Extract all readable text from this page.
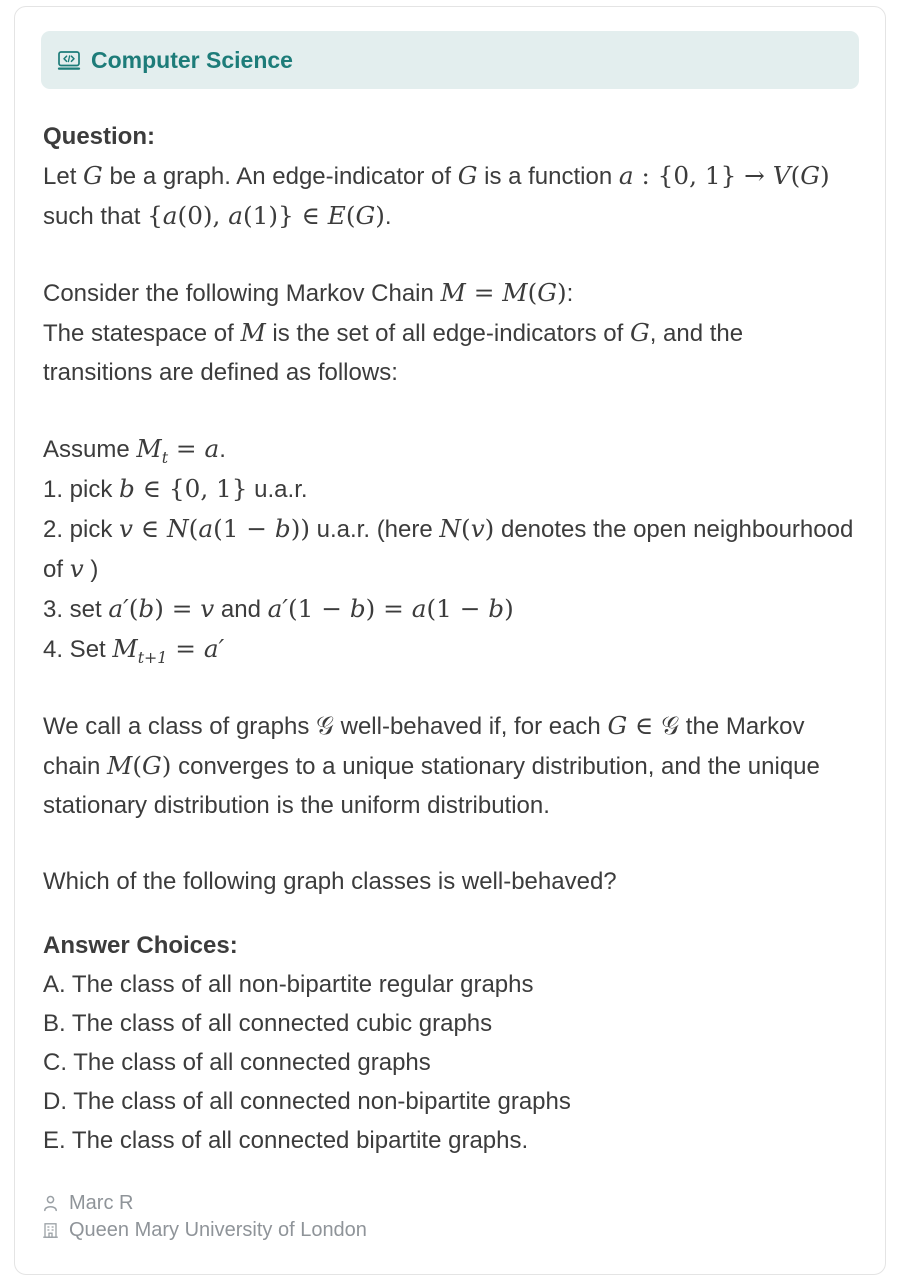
Computer Science
Question:

Let G be a graph. An edge-indicator of G is a function a : {0, 1} → V(G) such that {a(0), a(1)} ∈ E(G).

Consider the following Markov Chain M = M(G):
The statespace of M is the set of all edge-indicators of G, and the transitions are defined as follows:

Assume $M_t = a$.
1. pick b ∈ {0, 1} u.a.r.
2. pick v ∈ N(a(1 − b)) u.a.r. (here N(v) denotes the open neighbourhood of v )
3. set a′(b) = v and a′(1 − b) = a(1 − b)
4. Set $M_{t+1} = a'$

We call a class of graphs 𝒢 well-behaved if, for each G ∈ 𝒢 the Markov chain M(G) converges to a unique stationary distribution, and the unique stationary distribution is the uniform distribution.

Which of the following graph classes is well-behaved?

Answer Choices:
A. The class of all non-bipartite regular graphs
B. The class of all connected cubic graphs
C. The class of all connected graphs
D. The class of all connected non-bipartite graphs
E. The class of all connected bipartite graphs.
Marc R
Queen Mary University of London
